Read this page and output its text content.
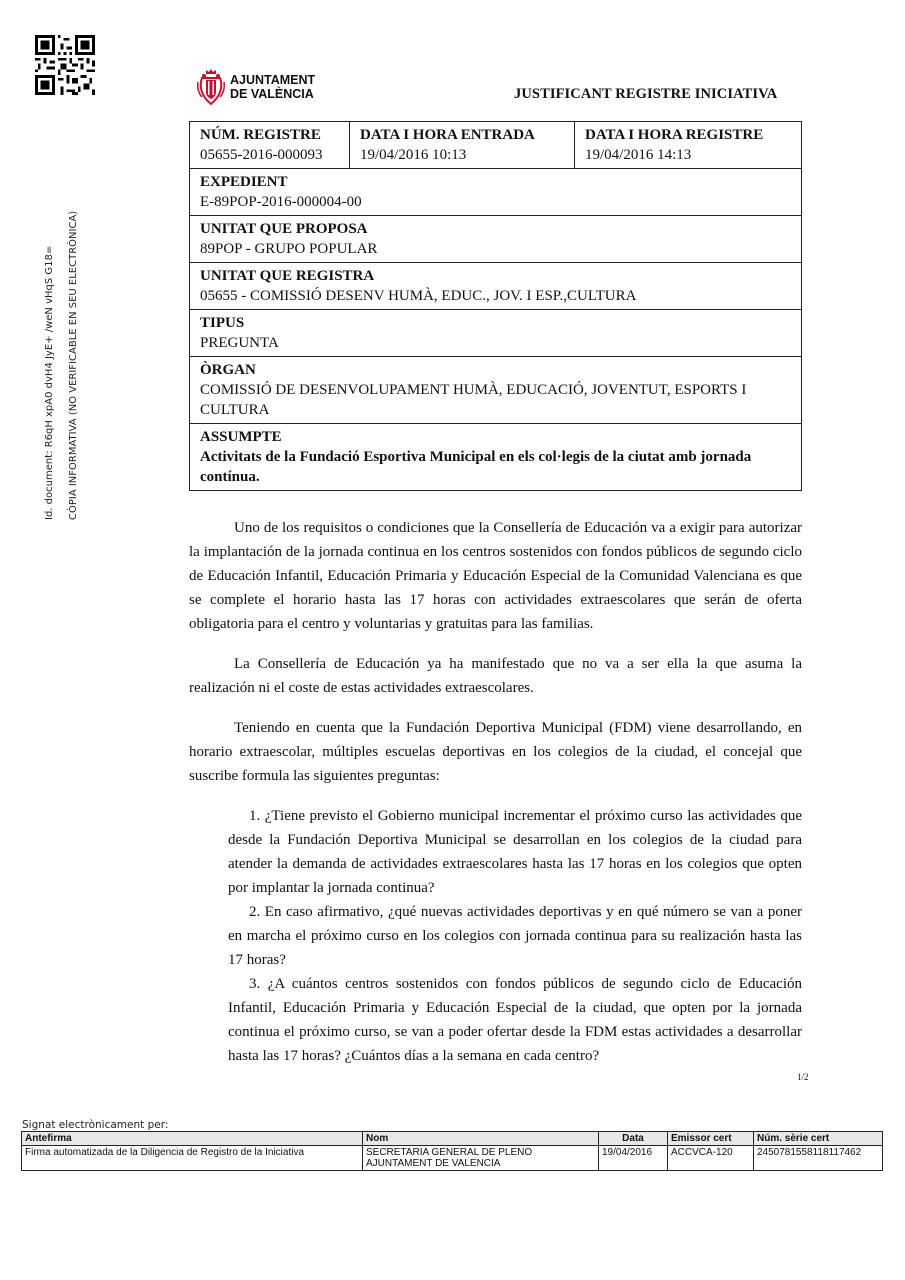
AJUNTAMENT
DE VALÈNCIA	JUSTIFICANT REGISTRE INICIATIVA
Id. document: R6qH xpA0 dvH4 JyE+ /weN vHqS G18=	CÒPIA INFORMATIVA (NO VERIFICABLE EN SEU ELECTRÒNICA)
NÚM. REGISTRE
05655-2016-000093
DATA I HORA ENTRADA
19/04/2016 10:13
DATA I HORA REGISTRE
19/04/2016 14:13
EXPEDIENT
E-89POP-2016-000004-00
UNITAT QUE PROPOSA
89POP - GRUPO POPULAR
UNITAT QUE REGISTRA
05655 - COMISSIÓ DESENV HUMÀ, EDUC., JOV. I ESP.,CULTURA
TIPUS
PREGUNTA
ÒRGAN
COMISSIÓ DE DESENVOLUPAMENT HUMÀ, EDUCACIÓ, JOVENTUT, ESPORTS I CULTURA
ASSUMPTE
Activitats de la Fundació Esportiva Municipal en els col·legis de la ciutat amb jornada contínua.

Uno de los requisitos o condiciones que la Consellería de Educación va a exigir para autorizar la implantación de la jornada continua en los centros sostenidos con fondos públicos de segundo ciclo de Educación Infantil, Educación Primaria y Educación Especial de la Comunidad Valenciana es que se complete el horario hasta las 17 horas con actividades extraescolares que serán de oferta obligatoria para el centro y voluntarias y gratuitas para las familias.

La Consellería de Educación ya ha manifestado que no va a ser ella la que asuma la realización ni el coste de estas actividades extraescolares.

Teniendo en cuenta que la Fundación Deportiva Municipal (FDM) viene desarrollando, en horario extraescolar, múltiples escuelas deportivas en los colegios de la ciudad, el concejal que suscribe formula las siguientes preguntas:

1. ¿Tiene previsto el Gobierno municipal incrementar el próximo curso las actividades que desde la Fundación Deportiva Municipal se desarrollan en los colegios de la ciudad para atender la demanda de actividades extraescolares hasta las 17 horas en los colegios que opten por implantar la jornada continua?
2. En caso afirmativo, ¿qué nuevas actividades deportivas y en qué número se van a poner en marcha el próximo curso en los colegios con jornada continua para su realización hasta las 17 horas?
3. ¿A cuántos centros sostenidos con fondos públicos de segundo ciclo de Educación Infantil, Educación Primaria y Educación Especial de la ciudad, que opten por la jornada continua el próximo curso, se van a poder ofertar desde la FDM estas actividades a desarrollar hasta las 17 horas? ¿Cuántos días a la semana en cada centro?
1/2
Signat electrònicament per:
Antefirma	Nom	Data	Emissor cert	Núm. sèrie cert
Firma automatizada de la Diligencia de Registro de la Iniciativa	SECRETARIA GENERAL DE PLENO
AJUNTAMENT DE VALENCIA	19/04/2016	ACCVCA-120	2450781558118117462
